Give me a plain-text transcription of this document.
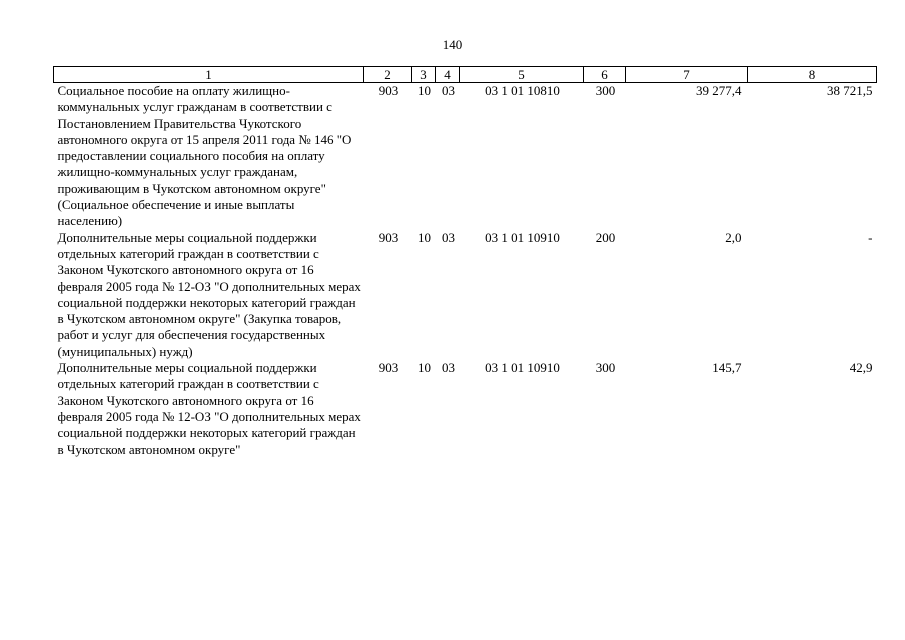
140
1	2	3	4	5	6	7	8
Социальное пособие на оплату жилищно-коммунальных услуг гражданам в соответствии с Постановлением Правительства Чукотского автономного округа от 15 апреля 2011 года № 146 "О предоставлении социального пособия на оплату жилищно-коммунальных услуг гражданам, проживающим в Чукотском автономном округе" (Социальное обеспечение и иные выплаты населению)	903	10	03	03 1 01 10810	300	39 277,4	38 721,5
Дополнительные меры социальной поддержки отдельных категорий граждан в соответствии с Законом Чукотского автономного округа от 16 февраля 2005 года № 12-ОЗ "О дополнительных мерах социальной поддержки некоторых категорий граждан в Чукотском автономном округе" (Закупка товаров, работ и услуг для обеспечения государственных (муниципальных) нужд)	903	10	03	03 1 01 10910	200	2,0	-
Дополнительные меры социальной поддержки отдельных категорий граждан в соответствии с Законом Чукотского автономного округа от 16 февраля 2005 года № 12-ОЗ "О дополнительных мерах социальной поддержки некоторых категорий граждан в Чукотском автономном округе"	903	10	03	03 1 01 10910	300	145,7	42,9
